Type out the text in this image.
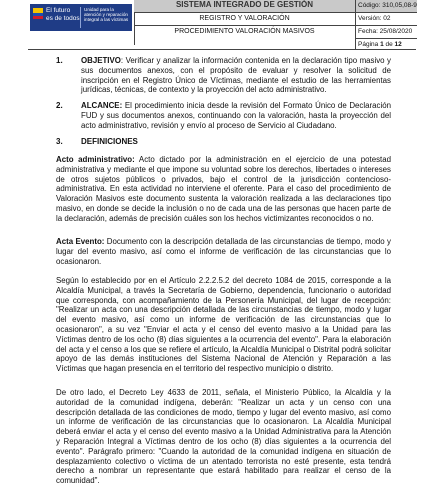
El futuro
es de todos
Unidad para la atención y reparación integral a las víctimas
SISTEMA INTEGRADO DE GESTIÓN
REGISTRO Y VALORACIÓN
PROCEDIMIENTO VALORACIÓN MASIVOS
Código: 310,05,08-9
Versión: 02
Fecha: 25/08/2020
Página 1 de 12
1. OBJETIVO: Verificar y analizar la información contenida en la declaración tipo masivo y sus documentos anexos, con el propósito de evaluar y resolver la solicitud de inscripción en el Registro Único de Víctimas, mediante el estudio de las herramientas jurídicas, técnicas, de contexto y la proyección del acto administrativo.
2. ALCANCE: El procedimiento inicia desde la revisión del Formato Único de Declaración FUD y sus documentos anexos, continuando con la valoración, hasta la proyección del acto administrativo, revisión y envío al proceso de Servicio al Ciudadano.
3. DEFINICIONES
Acto administrativo: Acto dictado por la administración en el ejercicio de una potestad administrativa y mediante el que impone su voluntad sobre los derechos, libertades o intereses de otros sujetos públicos o privados, bajo el control de la jurisdicción contencioso-administrativa. En esta actividad no interviene el oferente. Para el caso del procedimiento de Valoración Masivos este documento sustenta la valoración realizada a las declaraciones tipo masivo, en donde se decide la inclusión o no de cada una de las personas que hacen parte de la declaración, además de precisión cuáles son los hechos victimizantes reconocidos o no.
Acta Evento: Documento con la descripción detallada de las circunstancias de tiempo, modo y lugar del evento masivo, así como el informe de verificación de las circunstancias que lo ocasionaron.
Según lo establecido por en el Artículo 2.2.2.5.2 del decreto 1084 de 2015, corresponde a la Alcaldía Municipal, a través la Secretaría de Gobierno, dependencia, funcionario o autoridad que corresponda, con acompañamiento de la Personería Municipal, del lugar de recepción: "Realizar un acta con una descripción detallada de las circunstancias de tiempo, modo y lugar del evento masivo, así como un informe de verificación de las circunstancias que lo ocasionaron", a su vez "Enviar el acta y el censo del evento masivo a la Unidad para las Víctimas dentro de los ocho (8) días siguientes a la ocurrencia del evento". Para la elaboración del acta y el censo a los que se refiere el artículo, la Alcaldía Municipal o Distrital podrá solicitar apoyo de las demás instituciones del Sistema Nacional de Atención y Reparación a las Víctimas que hagan presencia en el territorio del respectivo municipio o distrito.
De otro lado, el Decreto Ley 4633 de 2011, señala, el Ministerio Público, la Alcaldía y la autoridad de la comunidad indígena, deberán: "Realizar un acta y un censo con una descripción detallada de las condiciones de modo, tiempo y lugar del evento masivo, así como un informe de verificación de las circunstancias que lo ocasionaron. La Alcaldía Municipal deberá enviar el acta y el censo del evento masivo a la Unidad Administrativa para la Atención y Reparación Integral a Víctimas dentro de los ocho (8) días siguientes a la ocurrencia del evento". Parágrafo primero: "Cuando la autoridad de la comunidad indígena en situación de desplazamiento colectivo o víctima de un atentado terrorista no esté presente, esta tendrá derecho a nombrar un representante que estará habilitado para realizar el censo de la comunidad".
